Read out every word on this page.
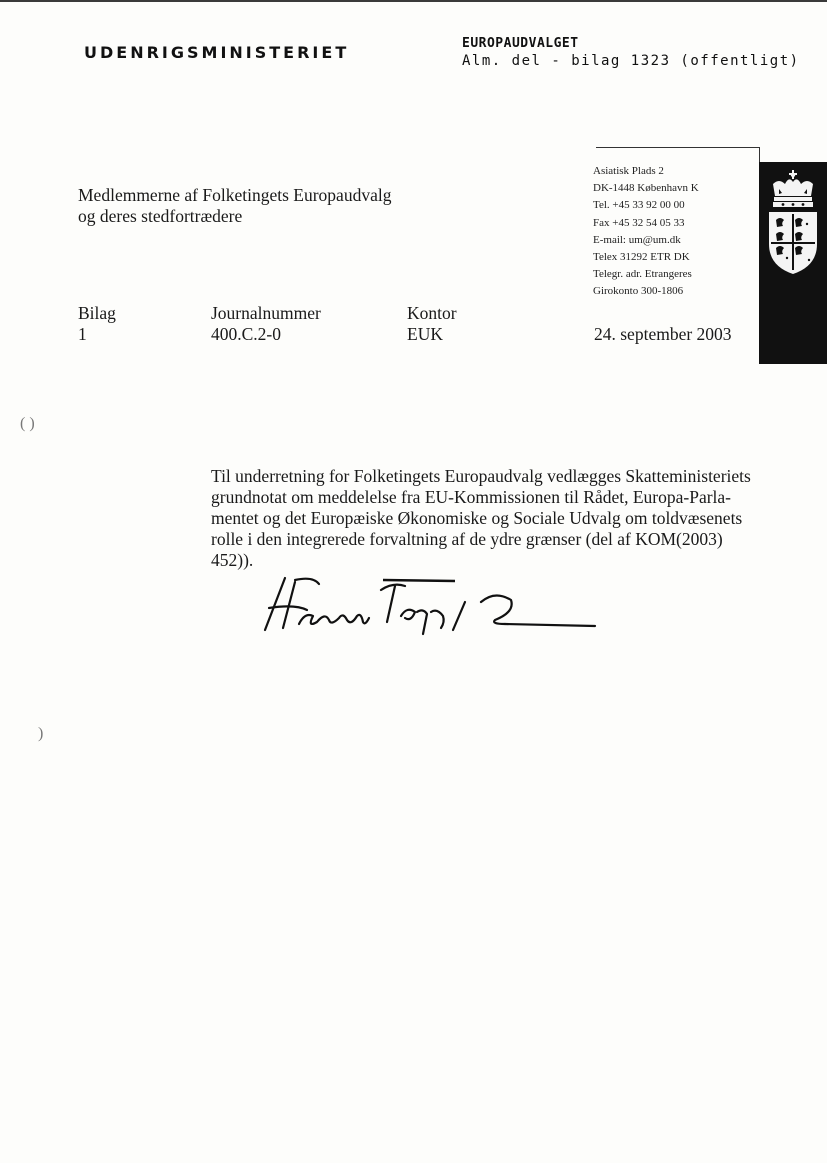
UDENRIGSMINISTERIET	EUROPAUDVALGET
Alm. del - bilag 1323 (offentligt)
Asiatisk Plads 2
DK-1448 København K
Tel. +45 33 92 00 00
Fax +45 32 54 05 33
E-mail: um@um.dk
Telex 31292 ETR DK
Telegr. adr. Etrangeres
Girokonto 300-1806
Medlemmerne af Folketingets Europaudvalg
og deres stedfortrædere
Bilag
1
Journalnummer
400.C.2-0
Kontor
EUK	24. september 2003
Til underretning for Folketingets Europaudvalg vedlægges Skatteministeriets
grundnotat om meddelelse fra EU-Kommissionen til Rådet, Europa-Parla-
mentet og det Europæiske Økonomiske og Sociale Udvalg om toldvæsenets
rolle i den integrerede forvaltning af de ydre grænser (del af KOM(2003)
452)).
( )
)
